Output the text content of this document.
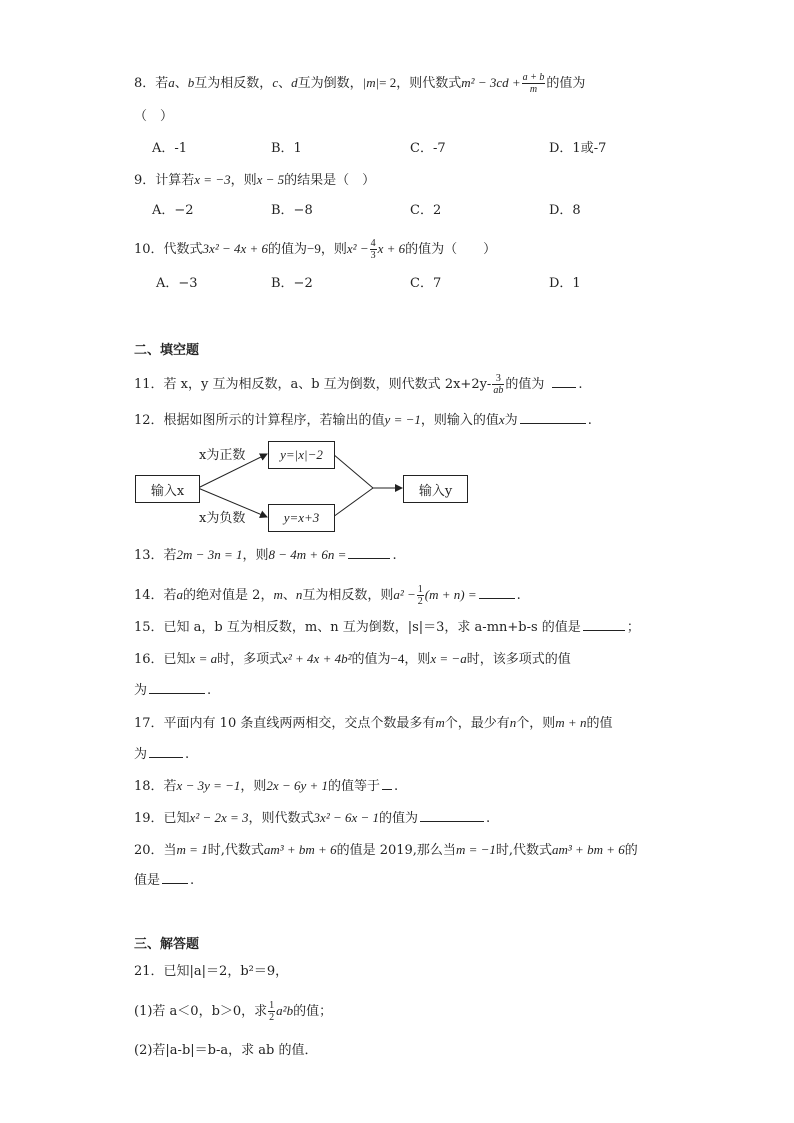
8．若a、b互为相反数，c、d互为倒数，|m|= 2，则代数式$m^2 - 3cd + \frac{a + b}{m}$ 的值为
（　）
A．-1	B．1	C．-7	D．1或-7
9．计算若x = −3，则x − 5的结果是（　）
A．−2	B．−8	C．2	D．8
10．代数式3x² − 4x + 6的值为−9，则$x^2 - \frac{4}{3}$ x + 6的值为（　　）
A．−3	B．−2	C．7	D．1
二、填空题
11．若 x，y 互为相反数，a、b 互为倒数，则代数式 $2x+2y- \frac{3}{ab}$ 的值为	.
12．根据如图所示的计算程序，若输出的值y = −1，则输入的值x为	.
输入x
y=|x|−2
y=x+3
输入y
x为正数
x为负数
13．若2m − 3n = 1，则8 − 4m + 6n =	.
14．若a的绝对值是 2，m、n互为相反数，则$a^2 - \frac{1}{2} (m + n)$ =	.
15．已知 a，b 互为相反数，m、n 互为倒数，|s|＝3，求 a-mn+b-s 的值是	；
16．已知x = a时，多项式x² + 4x + 4b²的值为−4，则x = −a时，该多项式的值
为	.
17．平面内有 10 条直线两两相交，交点个数最多有m个，最少有n个，则m + n的值
为	.
18．若x − 3y = −1，则2x − 6y + 1的值等于 .
19．已知x² − 2x = 3，则代数式3x² − 6x − 1的值为	.
20．当m = 1时,代数式am³ + bm + 6的值是 2019,那么当m = −1时,代数式am³ + bm + 6的
值是 .
三、解答题
21．已知|a|＝2，b²＝9，
(1)若 a＜0，b＞0，求 $\frac{1}{2} a^2b$的值；
(2)若|a-b|＝b-a，求 ab 的值．
